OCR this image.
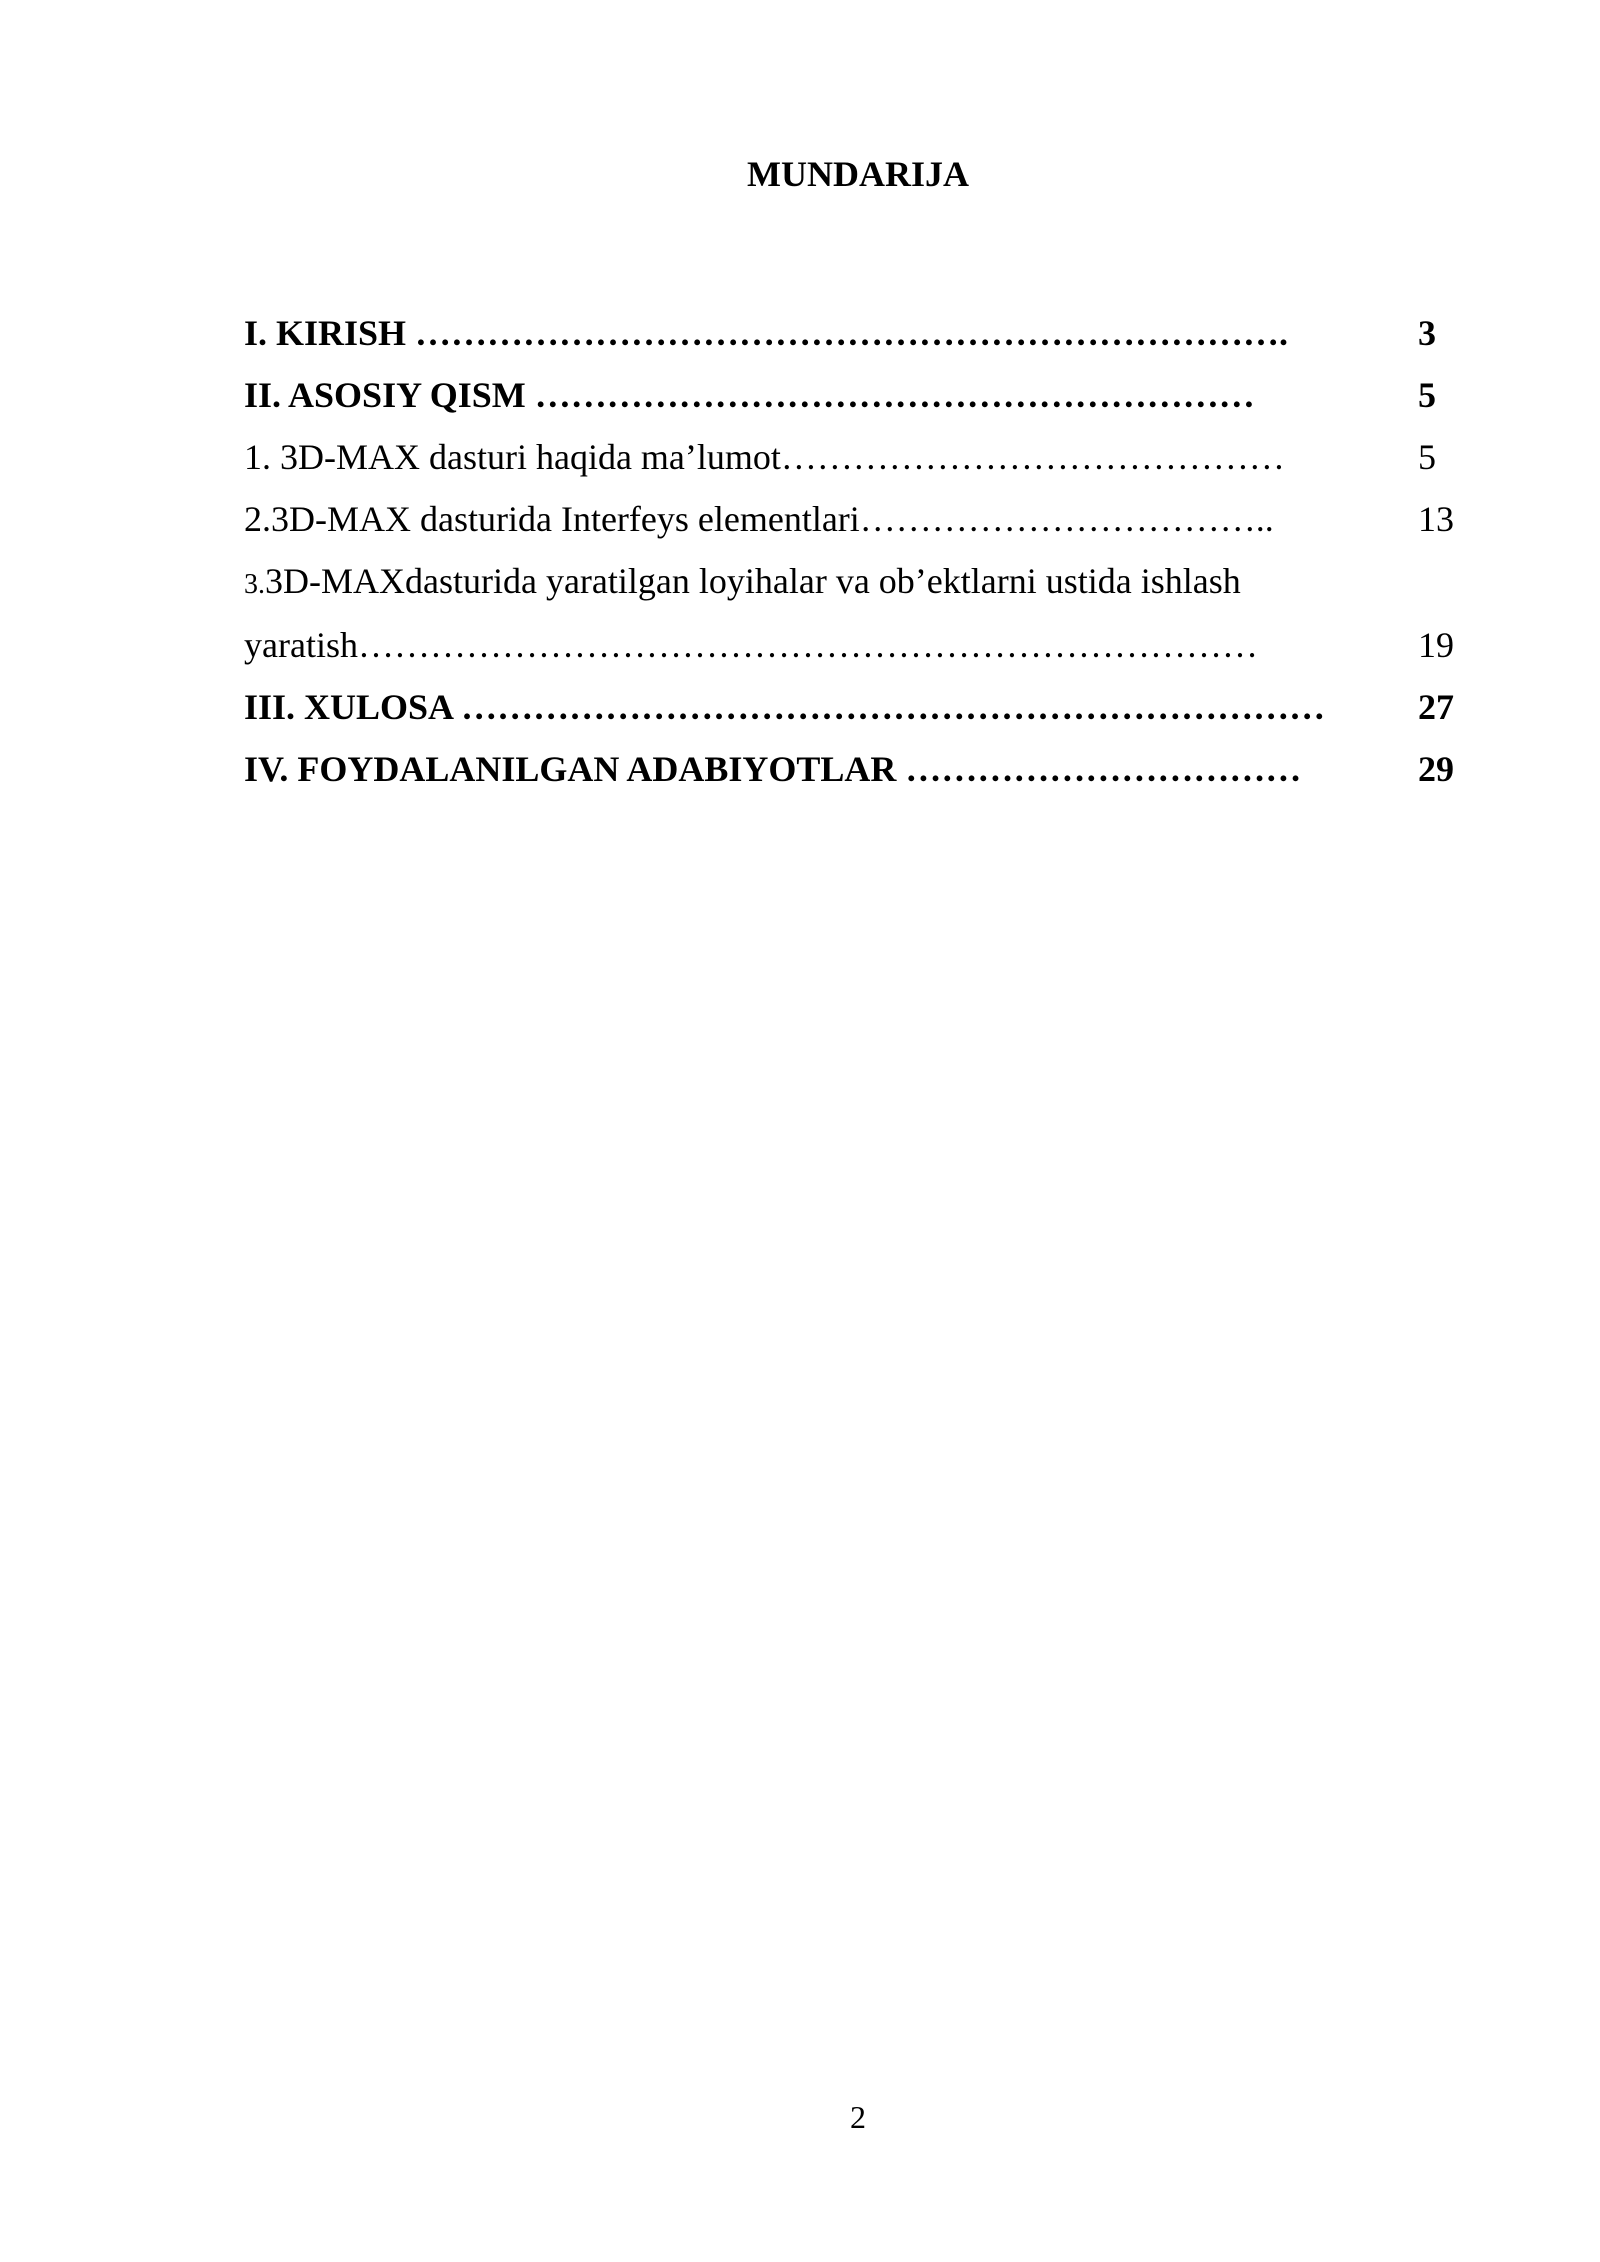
MUNDARIJA
I. KIRISH ……………………………………………………………….	3
II. ASOSIY QISM ……………………………………………………	5
1. 3D-MAX dasturi haqida ma’lumot……………………………………	5
2.3D-MAX dasturida Interfeys elementlari……………………………..	13
3.3D-MAXdasturida yaratilgan loyihalar va ob’ektlarni ustida ishlash
yaratish…………………………………………………………………	19
III. XULOSA ………………………………………………………………	27
IV. FOYDALANILGAN ADABIYOTLAR ……………………………	29
2
